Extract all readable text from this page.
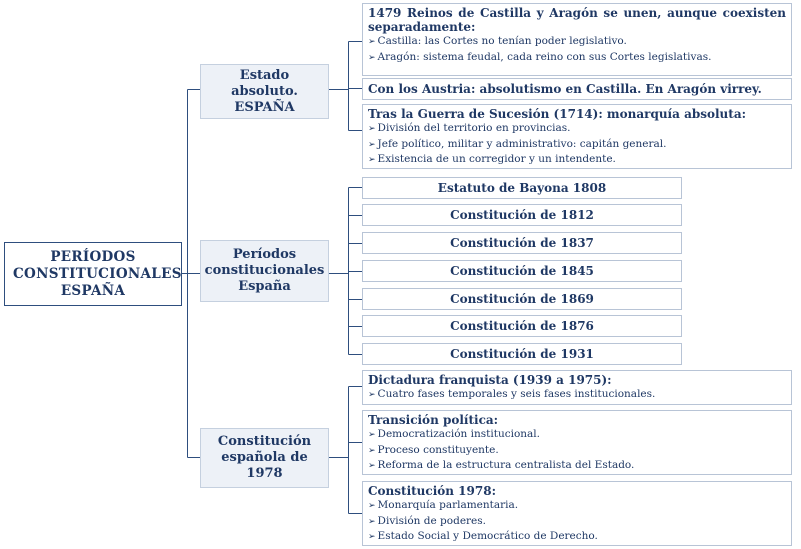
PERÍODOS CONSTITUCIONALES ESPAÑA
Estado absoluto. ESPAÑA
Períodos constitucionales España
Constitución española de 1978
1479 Reinos de Castilla y Aragón se unen, aunque coexisten separadamente:
➢ Castilla: las Cortes no tenían poder legislativo.
➢ Aragón: sistema feudal, cada reino con sus Cortes legislativas.
Con los Austria: absolutismo en Castilla. En Aragón virrey.
Tras la Guerra de Sucesión (1714): monarquía absoluta:
➢ División del territorio en provincias.
➢ Jefe político, militar y administrativo: capitán general.
➢ Existencia de un corregidor y un intendente.
Estatuto de Bayona 1808
Constitución de 1812
Constitución de 1837
Constitución de 1845
Constitución de 1869
Constitución de 1876
Constitución de 1931
Dictadura franquista (1939 a 1975):
➢ Cuatro fases temporales y seis fases institucionales.
Transición política:
➢ Democratización institucional.
➢ Proceso constituyente.
➢ Reforma de la estructura centralista del Estado.
Constitución 1978:
➢ Monarquía parlamentaria.
➢ División de poderes.
➢ Estado Social y Democrático de Derecho.
